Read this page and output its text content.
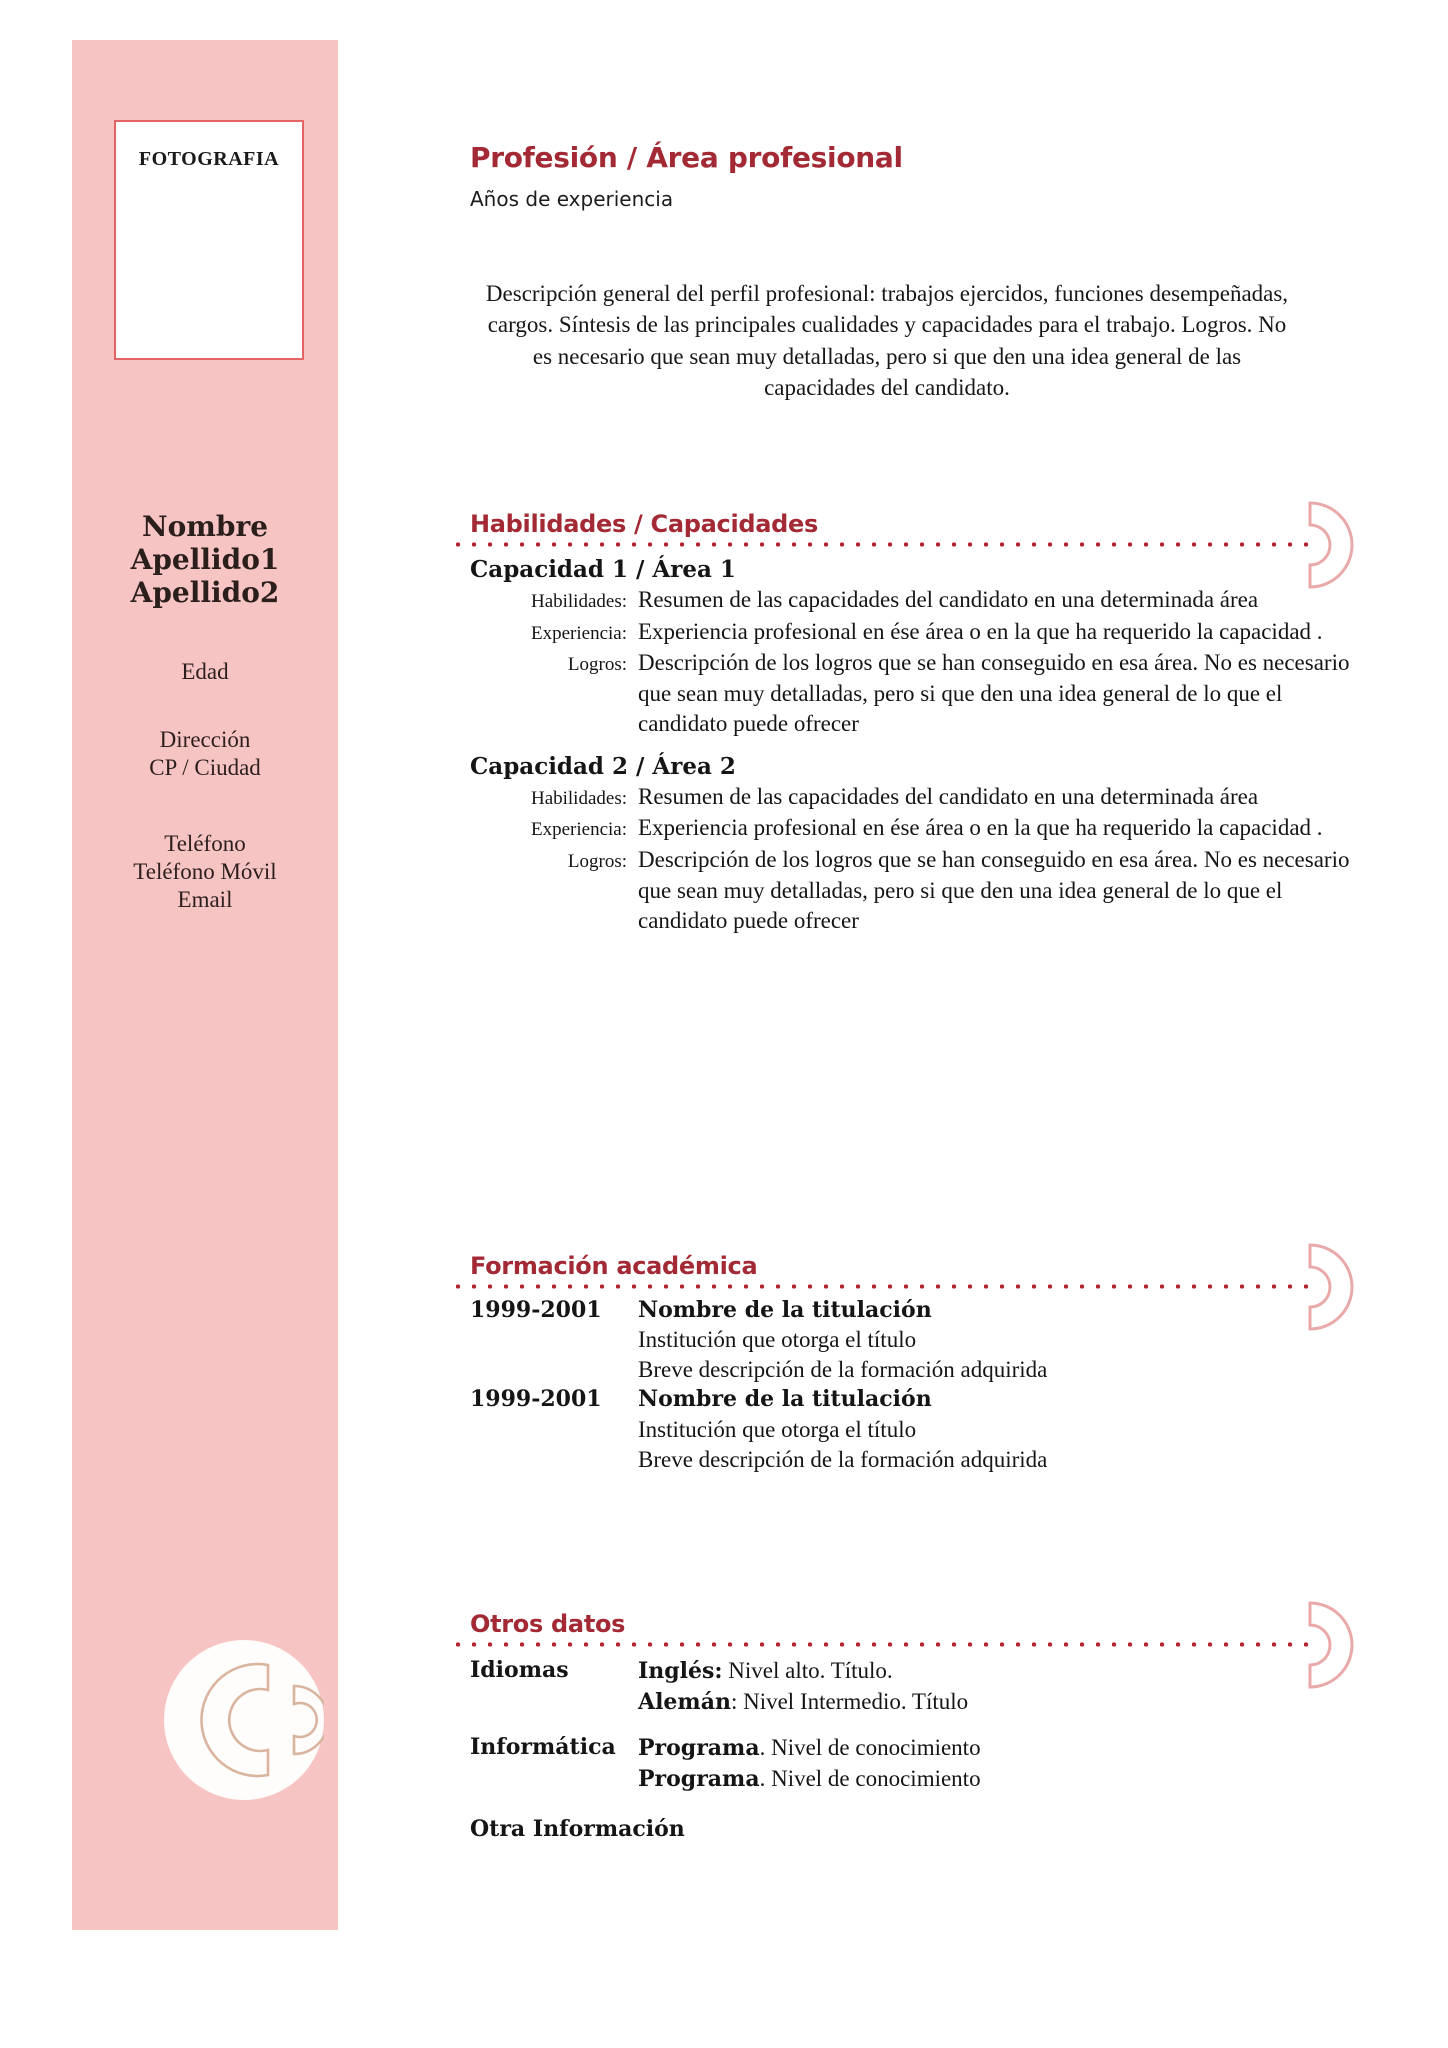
FOTOGRAFIA
Nombre
Apellido1
Apellido2
Edad
Dirección
CP / Ciudad
Teléfono
Teléfono Móvil
Email
Profesión / Área profesional
Años de experiencia

Descripción general del perfil profesional: trabajos ejercidos, funciones desempeñadas, cargos. Síntesis de las principales cualidades y capacidades para el trabajo. Logros. No es necesario que sean muy detalladas, pero si que den una idea general de las capacidades del candidato.

Habilidades / Capacidades
Capacidad 1 / Área 1
Habilidades: Resumen de las capacidades del candidato en una determinada área
Experiencia: Experiencia profesional en ése área o en la que ha requerido la capacidad .
Logros: Descripción de los logros que se han conseguido en esa área. No es necesario que sean muy detalladas, pero si que den una idea general de lo que el candidato puede ofrecer
Capacidad 2 / Área 2
Habilidades: Resumen de las capacidades del candidato en una determinada área
Experiencia: Experiencia profesional en ése área o en la que ha requerido la capacidad .
Logros: Descripción de los logros que se han conseguido en esa área. No es necesario que sean muy detalladas, pero si que den una idea general de lo que el candidato puede ofrecer
Formación académica
1999-2001	Nombre de la titulación
Institución que otorga el título
Breve descripción de la formación adquirida
1999-2001	Nombre de la titulación
Institución que otorga el título
Breve descripción de la formación adquirida
Otros datos
Idiomas	Inglés: Nivel alto. Título.
Alemán: Nivel Intermedio. Título
Informática	Programa. Nivel de conocimiento
Programa. Nivel de conocimiento
Otra Información
